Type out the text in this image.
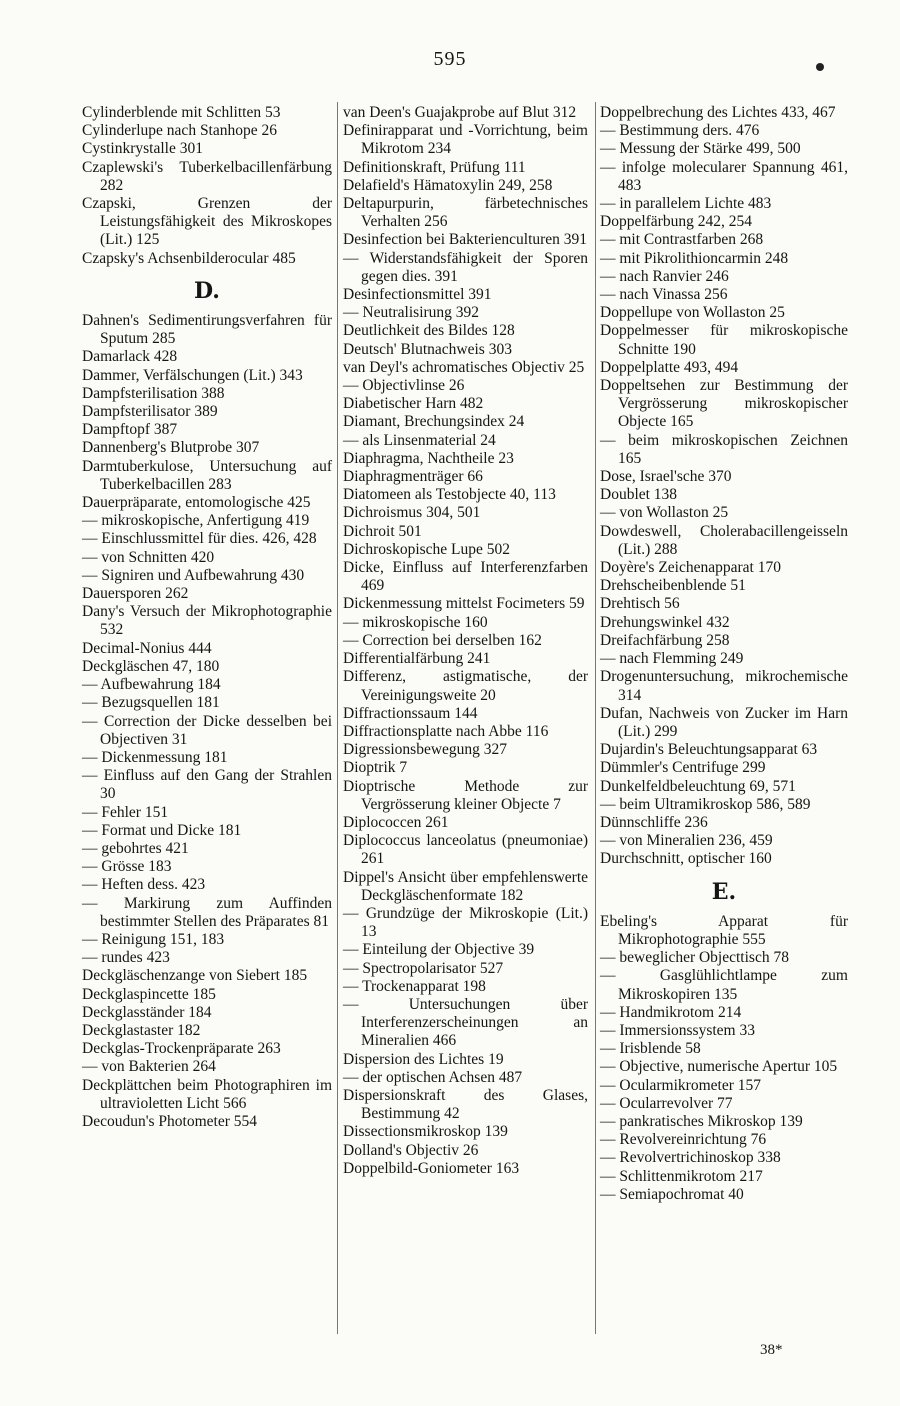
595

Cylinderblende mit Schlitten 53

Cylinderlupe nach Stanhope 26

Cystinkrystalle 301

Czaplewski's Tuberkelbacillenfärbung 282

Czapski, Grenzen der Leistungsfähigkeit des Mikroskopes (Lit.) 125

Czapsky's Achsenbilderocular 485

D.

Dahnen's Sedimentirungsverfahren für Sputum 285

Damarlack 428

Dammer, Verfälschungen (Lit.) 343

Dampfsterilisation 388

Dampfsterilisator 389

Dampftopf 387

Dannenberg's Blutprobe 307

Darmtuberkulose, Untersuchung auf Tuberkelbacillen 283

Dauerpräparate, entomologische 425

— mikroskopische, Anfertigung 419

— Einschlussmittel für dies. 426, 428

— von Schnitten 420

— Signiren und Aufbewahrung 430

Dauersporen 262

Dany's Versuch der Mikrophotographie 532

Decimal-Nonius 444

Deckgläschen 47, 180

— Aufbewahrung 184

— Bezugsquellen 181

— Correction der Dicke desselben bei Objectiven 31

— Dickenmessung 181

— Einfluss auf den Gang der Strahlen 30

— Fehler 151

— Format und Dicke 181

— gebohrtes 421

— Grösse 183

— Heften dess. 423

— Markirung zum Auffinden bestimmter Stellen des Präparates 81

— Reinigung 151, 183

— rundes 423

Deckgläschenzange von Siebert 185

Deckglaspincette 185

Deckglasständer 184

Deckglastaster 182

Deckglas-Trockenpräparate 263

— von Bakterien 264

Deckplättchen beim Photographiren im ultravioletten Licht 566

Decoudun's Photometer 554

van Deen's Guajakprobe auf Blut 312

Definirapparat und -Vorrichtung, beim Mikrotom 234

Definitionskraft, Prüfung 111

Delafield's Hämatoxylin 249, 258

Deltapurpurin, färbetechnisches Verhalten 256

Desinfection bei Bakterienculturen 391

— Widerstandsfähigkeit der Sporen gegen dies. 391

Desinfectionsmittel 391

— Neutralisirung 392

Deutlichkeit des Bildes 128

Deutsch' Blutnachweis 303

van Deyl's achromatisches Objectiv 25

— Objectivlinse 26

Diabetischer Harn 482

Diamant, Brechungsindex 24

— als Linsenmaterial 24

Diaphragma, Nachtheile 23

Diaphragmenträger 66

Diatomeen als Testobjecte 40, 113

Dichroismus 304, 501

Dichroit 501

Dichroskopische Lupe 502

Dicke, Einfluss auf Interferenzfarben 469

Dickenmessung mittelst Focimeters 59

— mikroskopische 160

— Correction bei derselben 162

Differentialfärbung 241

Differenz, astigmatische, der Vereinigungsweite 20

Diffractionssaum 144

Diffractionsplatte nach Abbe 116

Digressionsbewegung 327

Dioptrik 7

Dioptrische Methode zur Vergrösserung kleiner Objecte 7

Diplococcen 261

Diplococcus lanceolatus (pneumoniae) 261

Dippel's Ansicht über empfehlenswerte Deckgläschenformate 182

— Grundzüge der Mikroskopie (Lit.) 13

— Einteilung der Objective 39

— Spectropolarisator 527

— Trockenapparat 198

— Untersuchungen über Interferenzerscheinungen an Mineralien 466

Dispersion des Lichtes 19

— der optischen Achsen 487

Dispersionskraft des Glases, Bestimmung 42

Dissectionsmikroskop 139

Dolland's Objectiv 26

Doppelbild-Goniometer 163

Doppelbrechung des Lichtes 433, 467

— Bestimmung ders. 476

— Messung der Stärke 499, 500

— infolge molecularer Spannung 461, 483

— in parallelem Lichte 483

Doppelfärbung 242, 254

— mit Contrastfarben 268

— mit Pikrolithioncarmin 248

— nach Ranvier 246

— nach Vinassa 256

Doppellupe von Wollaston 25

Doppelmesser für mikroskopische Schnitte 190

Doppelplatte 493, 494

Doppeltsehen zur Bestimmung der Vergrösserung mikroskopischer Objecte 165

— beim mikroskopischen Zeichnen 165

Dose, Israel'sche 370

Doublet 138

— von Wollaston 25

Dowdeswell, Cholerabacillengeisseln (Lit.) 288

Doyère's Zeichenapparat 170

Drehscheibenblende 51

Drehtisch 56

Drehungswinkel 432

Dreifachfärbung 258

— nach Flemming 249

Drogenuntersuchung, mikrochemische 314

Dufan, Nachweis von Zucker im Harn (Lit.) 299

Dujardin's Beleuchtungsapparat 63

Dümmler's Centrifuge 299

Dunkelfeldbeleuchtung 69, 571

— beim Ultramikroskop 586, 589

Dünnschliffe 236

— von Mineralien 236, 459

Durchschnitt, optischer 160

E.

Ebeling's Apparat für Mikrophotographie 555

— beweglicher Objecttisch 78

— Gasglühlichtlampe zum Mikroskopiren 135

— Handmikrotom 214

— Immersionssystem 33

— Irisblende 58

— Objective, numerische Apertur 105

— Ocularmikrometer 157

— Ocularrevolver 77

— pankratisches Mikroskop 139

— Revolvereinrichtung 76

— Revolvertrichinoskop 338

— Schlittenmikrotom 217

— Semiapochromat 40

38*
